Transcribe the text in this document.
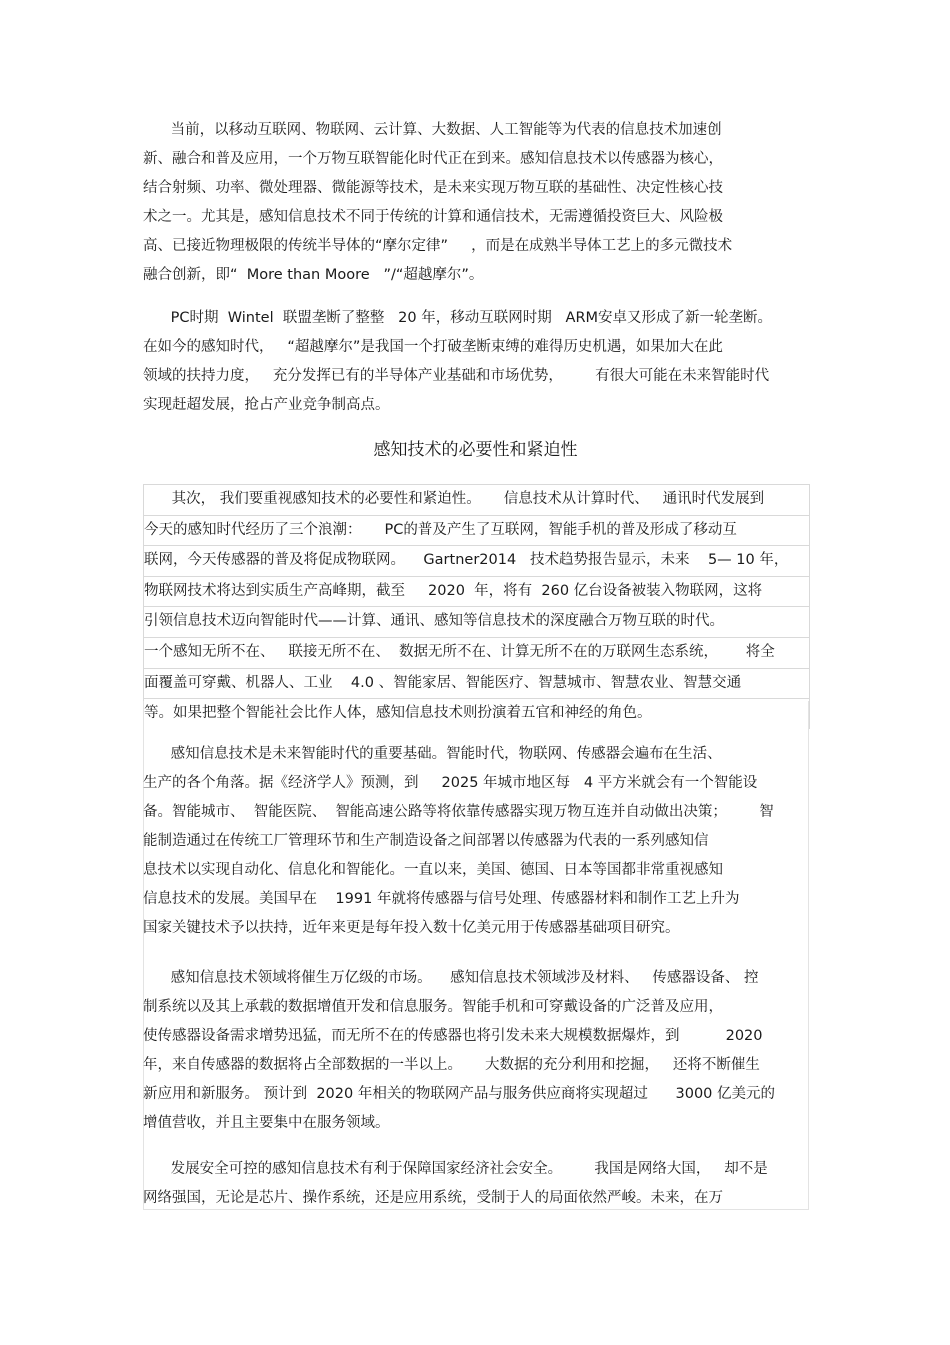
当前，以移动互联网、物联网、云计算、大数据、人工智能等为代表的信息技术加速创
新、融合和普及应用，一个万物互联智能化时代正在到来。感知信息技术以传感器为核心，
结合射频、功率、微处理器、微能源等技术，是未来实现万物互联的基础性、决定性核心技
术之一。尤其是，感知信息技术不同于传统的计算和通信技术，无需遵循投资巨大、风险极
高、已接近物理极限的传统半导体的“摩尔定律”     ，而是在成熟半导体工艺上的多元微技术
融合创新，即“  More than Moore   ”/“超越摩尔”。
PC时期  Wintel  联盟垄断了整整   20 年，移动互联网时期   ARM安卓又形成了新一轮垄断。
在如今的感知时代，   “超越摩尔”是我国一个打破垄断束缚的难得历史机遇，如果加大在此
领域的扶持力度，   充分发挥已有的半导体产业基础和市场优势，       有很大可能在未来智能时代
实现赶超发展，抢占产业竞争制高点。
感知技术的必要性和紧迫性
其次， 我们要重视感知技术的必要性和紧迫性。     信息技术从计算时代、   通讯时代发展到
今天的感知时代经历了三个浪潮：     PC的普及产生了互联网，智能手机的普及形成了移动互
联网，今天传感器的普及将促成物联网。    Gartner2014   技术趋势报告显示，未来    5— 10 年，
物联网技术将达到实质生产高峰期，截至     2020  年，将有  260 亿台设备被装入物联网，这将
引领信息技术迈向智能时代——计算、通讯、感知等信息技术的深度融合万物互联的时代。
一个感知无所不在、   联接无所不在、  数据无所不在、计算无所不在的万联网生态系统，      将全
面覆盖可穿戴、机器人、工业    4.0 、智能家居、智能医疗、智慧城市、智慧农业、智慧交通
等。如果把整个智能社会比作人体，感知信息技术则扮演着五官和神经的角色。
感知信息技术是未来智能时代的重要基础。智能时代，物联网、传感器会遍布在生活、
生产的各个角落。据《经济学人》预测，到     2025 年城市地区每   4 平方米就会有一个智能设
备。智能城市、  智能医院、  智能高速公路等将依靠传感器实现万物互连并自动做出决策；       智
能制造通过在传统工厂管理环节和生产制造设备之间部署以传感器为代表的一系列感知信
息技术以实现自动化、信息化和智能化。一直以来，美国、德国、日本等国都非常重视感知
信息技术的发展。美国早在    1991 年就将传感器与信号处理、传感器材料和制作工艺上升为
国家关键技术予以扶持，近年来更是每年投入数十亿美元用于传感器基础项目研究。
感知信息技术领域将催生万亿级的市场。    感知信息技术领域涉及材料、   传感器设备、 控
制系统以及其上承载的数据增值开发和信息服务。智能手机和可穿戴设备的广泛普及应用，
使传感器设备需求增势迅猛，而无所不在的传感器也将引发未来大规模数据爆炸，到          2020
年，来自传感器的数据将占全部数据的一半以上。     大数据的充分利用和挖掘，   还将不断催生
新应用和新服务。 预计到  2020 年相关的物联网产品与服务供应商将实现超过      3000 亿美元的
增值营收，并且主要集中在服务领域。
发展安全可控的感知信息技术有利于保障国家经济社会安全。       我国是网络大国，   却不是
网络强国，无论是芯片、操作系统，还是应用系统，受制于人的局面依然严峻。未来，在万
